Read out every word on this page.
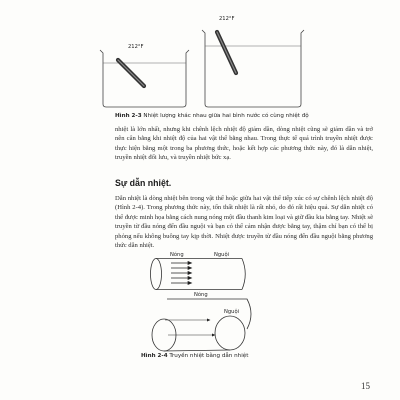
212°F
212°F
Hình 2-3 Nhiệt lượng khác nhau giữa hai bình nước có cùng nhiệt độ
nhiệt là lớn nhất, nhưng khi chênh lệch nhiệt độ giảm dần, dòng nhiệt cũng sẽ giảm dần và trở nên cân bằng khi nhiệt độ của hai vật thể bằng nhau. Trong thực tế quá trình truyền nhiệt được thực hiện bằng một trong ba phương thức, hoặc kết hợp các phương thức này, đó là dẫn nhiệt, truyền nhiệt đối lưu, và truyền nhiệt bức xạ.
Sự dẫn nhiệt.
Dẫn nhiệt là dòng nhiệt bên trong vật thể hoặc giữa hai vật thể tiếp xúc có sự chênh lệch nhiệt độ (Hình 2-4). Trong phương thức này, tổn thất nhiệt là rất nhỏ, do đó rất hiệu quả. Sự dẫn nhiệt có thể được minh họa bằng cách nung nóng một đầu thanh kim loại và giữ đầu kia bằng tay. Nhiệt sẽ truyền từ đầu nóng đến đầu nguội và bạn có thể cảm nhận được bằng tay, thậm chí bạn có thể bị phỏng nếu không buông tay kịp thời. Nhiệt được truyền từ đầu nóng đến đầu nguội bằng phương thức dẫn nhiệt.
Nóng	Nguội
Nóng
Nguội
Hình 2-4 Truyền nhiệt bằng dẫn nhiệt
15
